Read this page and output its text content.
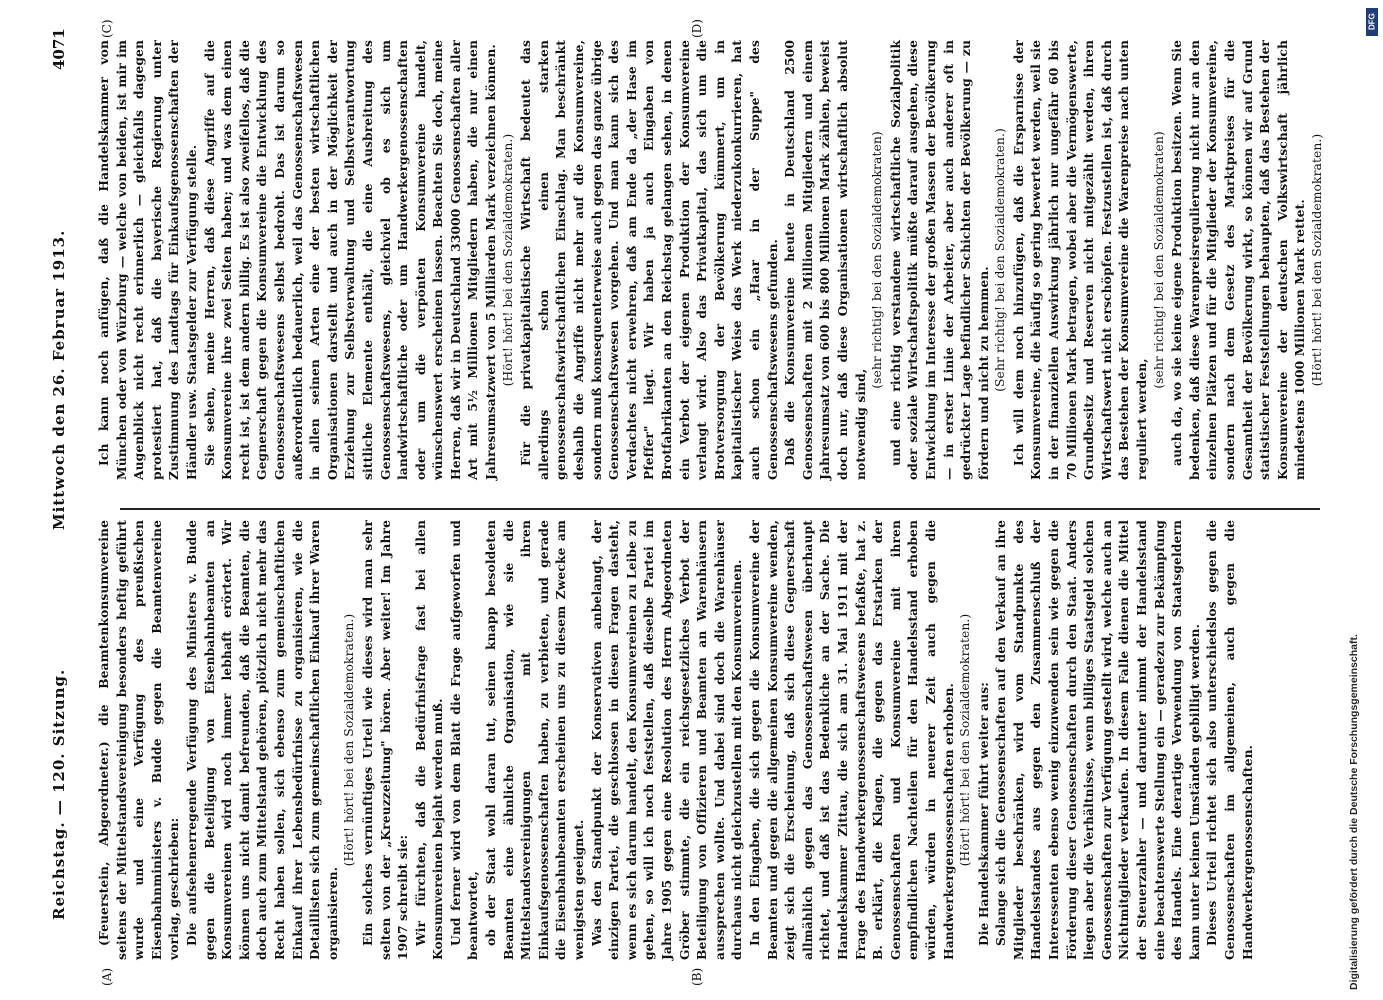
Reichstag. — 120. Sitzung.
Mittwoch den 26. Februar 1913.
4071
(A)	(B)
(C)	(D)

(Feuerstein, Abgeordneter.) die Beamtenkonsumvereine seitens der Mittelstandsvereinigung besonders heftig geführt wurde und eine Verfügung des preußischen Eisenbahnministers v. Budde gegen die Beamtenvereine vorlag, geschrieben: Die aufsehenerregende Verfügung des Ministers v. Budde gegen die Beteiligung von Eisenbahnbeamten an Konsumvereinen wird noch immer lebhaft erörtert. Wir können uns nicht damit befreunden, daß die Beamten, die doch auch zum Mittelstand gehören, plötzlich nicht mehr das Recht haben sollen, sich ebenso zum gemeinschaftlichen Einkauf ihrer Lebensbedürfnisse zu organisieren, wie die Detaillisten sich zum gemeinschaftlichen Einkauf ihrer Waren organisieren.

(Hört! hört! bei den Sozialdemokraten.) Ein solches vernünftiges Urteil wie dieses wird man sehr selten von der „Kreuzzeitung" hören. Aber weiter! Im Jahre 1907 schreibt sie: Wir fürchten, daß die Bedürfnisfrage fast bei allen Konsumvereinen bejaht werden muß. Und ferner wird von dem Blatt die Frage aufgeworfen und beantwortet, ob der Staat wohl daran tut, seinen knapp besoldeten Beamten eine ähnliche Organisation, wie sie die Mittelstandsvereinigungen mit ihren Einkaufsgenossenschaften haben, zu verbieten, und gerade die Eisenbahnbeamten erscheinen uns zu diesem Zwecke am wenigsten geeignet. Was den Standpunkt der Konservativen anbelangt, der einzigen Partei, die geschlossen in diesen Fragen dasteht, wenn es sich darum handelt, den Konsumvereinen zu Leibe zu gehen, so will ich noch feststellen, daß dieselbe Partei im Jahre 1905 gegen eine Resolution des Herrn Abgeordneten Gröber stimmte, die ein reichsgesetzliches Verbot der Beteiligung von Offizieren und Beamten an Warenhäusern aussprechen wollte. Und dabei sind doch die Warenhäuser durchaus nicht gleichzustellen mit den Konsumvereinen. In den Eingaben, die sich gegen die Konsumvereine der Beamten und gegen die allgemeinen Konsumvereine wenden, zeigt sich die Erscheinung, daß sich diese Gegnerschaft allmählich gegen das Genossenschaftswesen überhaupt richtet, und daß ist das Bedenkliche an der Sache. Die Handelskammer Zittau, die sich am 31. Mai 1911 mit der Frage des Handwerkergenossenschaftswesens befaßte, hat z. B. erklärt, die Klagen, die gegen das Erstarken der Genossenschaften und Konsumvereine mit ihren empfindlichen Nachteilen für den Handelsstand erhoben würden, würden in neuerer Zeit auch gegen die Handwerkergenossenschaften erhoben. (Hört! hört! bei den Sozialdemokraten.) Die Handelskammer führt weiter aus: Solange sich die Genossenschaften auf den Verkauf an ihre Mitglieder beschränken, wird vom Standpunkte des Handelsstandes aus gegen den Zusammenschluß der Interessenten ebenso wenig einzuwenden sein wie gegen die Förderung dieser Genossenschaften durch den Staat. Anders liegen aber die Verhältnisse, wenn billiges Staatsgeld solchen Genossenschaften zur Verfügung gestellt wird, welche auch an Nichtmitglieder verkaufen. In diesem Falle dienen die Mittel der Steuerzahler — und darunter nimmt der Handelsstand eine beachtenswerte Stellung ein — geradezu zur Bekämpfung des Handels. Eine derartige Verwendung von Staatsgeldern kann unter keinen Umständen gebilligt werden. Dieses Urteil richtet sich also unterschiedslos gegen die Genossenschaften im allgemeinen, auch gegen die Handwerkergenossenschaften.

Ich kann noch anfügen, daß die Handelskammer von München oder von Würzburg — welche von beiden, ist mir im Augenblick nicht recht erinnerlich — gleichfalls dagegen protestiert hat, daß die bayerische Regierung unter Zustimmung des Landtags für Einkaufsgenossenschaften der Händler usw. Staatsgelder zur Verfügung stelle. Sie sehen, meine Herren, daß diese Angriffe auf die Konsumvereine ihre zwei Seiten haben; und was dem einen recht ist, ist dem andern billig. Es ist also zweifellos, daß die Gegnerschaft gegen die Konsumvereine die Entwicklung des Genossenschaftswesens selbst bedroht. Das ist darum so außerordentlich bedauerlich, weil das Genossenschaftswesen in allen seinen Arten eine der besten wirtschaftlichen Organisationen darstellt und auch in der Möglichkeit der Erziehung zur Selbstverwaltung und Selbstverantwortung sittliche Elemente enthält, die eine Ausbreitung des Genossenschaftswesens, gleichviel ob es sich um landwirtschaftliche oder um Handwerkergenossenschaften oder um die verpönten Konsumvereine handelt, wünschenswert erscheinen lassen. Beachten Sie doch, meine Herren, daß wir in Deutschland 33000 Genossenschaften aller Art mit 5½ Millionen Mitgliedern haben, die nur einen Jahresumsatzwert von 5 Milliarden Mark verzeichnen können. (Hört! hört! bei den Sozialdemokraten.) Für die privatkapitalistische Wirtschaft bedeutet das allerdings schon einen starken genossenschaftswirtschaftlichen Einschlag. Man beschränkt deshalb die Angriffe nicht mehr auf die Konsumvereine, sondern muß konsequenterweise auch gegen das ganze übrige Genossenschaftswesen vorgehen. Und man kann sich des Verdachtes nicht erwehren, daß am Ende da „der Hase im Pfeffer" liegt. Wir haben ja auch Eingaben von Brotfabrikanten an den Reichstag gelangen sehen, in denen ein Verbot der eigenen Produktion der Konsumvereine verlangt wird. Also das Privatkapital, das sich um die Brotversorgung der Bevölkerung kümmert, um in kapitalistischer Weise das Werk niederzukonkurrieren, hat auch schon ein „Haar in der Suppe" des Genossenschaftswesens gefunden. Daß die Konsumvereine heute in Deutschland 2500 Genossenschaften mit 2 Millionen Mitgliedern und einem Jahresumsatz von 600 bis 800 Millionen Mark zählen, beweist doch nur, daß diese Organisationen wirtschaftlich absolut notwendig sind,

(sehr richtig! bei den Sozialdemokraten) und eine richtig verstandene wirtschaftliche Sozialpolitik oder soziale Wirtschaftspolitik müßte darauf ausgehen, diese Entwicklung im Interesse der großen Massen der Bevölkerung — in erster Linie der Arbeiter, aber auch anderer oft in gedrückter Lage befindlicher Schichten der Bevölkerung — zu fördern und nicht zu hemmen. (Sehr richtig! bei den Sozialdemokraten.) Ich will dem noch hinzufügen, daß die Ersparnisse der Konsumvereine, die häufig so gering bewertet werden, weil sie in der finanziellen Auswirkung jährlich nur ungefähr 60 bis 70 Millionen Mark betragen, wobei aber die Vermögenswerte, Grundbesitz und Reserven nicht mitgezählt werden, ihren Wirtschaftswert nicht erschöpfen. Festzustellen ist, daß durch das Bestehen der Konsumvereine die Warenpreise nach unten reguliert werden,

(sehr richtig! bei den Sozialdemokraten) auch da, wo sie keine eigene Produktion besitzen. Wenn Sie bedenken, daß diese Warenpreisregulierung nicht nur an den einzelnen Plätzen und für die Mitglieder der Konsumvereine, sondern nach dem Gesetz des Marktpreises für die Gesamtheit der Bevölkerung wirkt, so können wir auf Grund statistischer Feststellungen behaupten, daß das Bestehen der Konsumvereine der deutschen Volkswirtschaft jährlich mindestens 1000 Millionen Mark rettet. (Hört! hört! bei den Sozialdemokraten.)

DFG
Digitalisierung gefördert durch die Deutsche Forschungsgemeinschaft.
